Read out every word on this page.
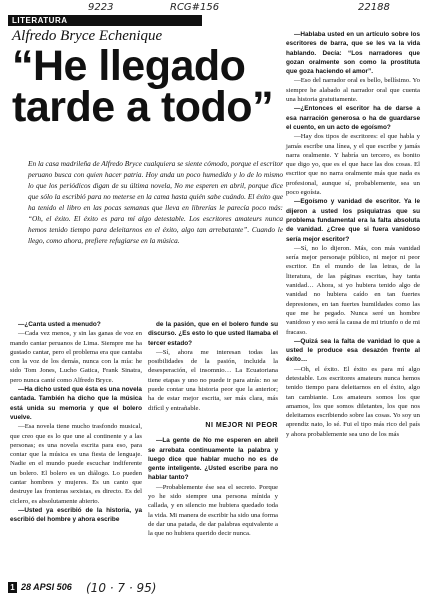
9223	RCG#156	22188
LITERATURA
Alfredo Bryce Echenique
“He llegado tarde a todo”
En la casa madrileña de Alfredo Bryce cualquiera se siente cómodo, porque el escritor peruano busca con quien hacer patria. Hoy anda un poco humedido y lo de lo mismo lo que los periódicos digan de su última novela, No me esperen en abril, porque dice que sólo la escribió para no meterse en la cama hasta quién sabe cuándo. El éxito que ha tenido el libro en las pocas semanas que lleva en librerías le parecía poco más: “Oh, el éxito. El éxito es para mí algo detestable. Los escritores amateurs nunca hemos tenido tiempo para deleitarnos en el éxito, algo tan arrebatante”. Cuando le llego, como ahora, prefiere refugiarse en la música.

—¿Canta usted a menudo?

—Cada vez menos, y sin las ganas de voz en mando cantar peruanos de Lima. Siempre me ha gustado cantar, pero el problema era que cantaba con la voz de los demás, nunca con la mía: he sido Tom Jones, Lucho Gatica, Frank Sinatra, pero nunca canté como Alfredo Bryce.

—Ha dicho usted que ésta es una novela cantada. También ha dicho que la música está unida su memoria y que el bolero vuelve.

—Esa novela tiene mucho trasfondo musical, que creo que es lo que une al continente y a las personas; es una novela escrita para eso, para contar que la música es una fiesta de lenguaje. Nadie en el mundo puede escuchar indiferente un bolero. El bolero es un diálogo. Lo pueden cantar hombres y mujeres. Es un canto que destruye las fronteras sexistas, es directo. Es del ciclero, es absolutamente abierto.

—Usted ya escribió de la historia, ya escribió del hombre y ahora escribe

de la pasión, que en el bolero funde su discurso. ¿Es esto lo que usted llamaba el tercer estado?

—Sí, ahora me interesan todas las posibilidades de la pasión, incluida la desesperación, el insomnio… La Ecuatoriana tiene etapas y uno no puede ir para atrás: no se puede contar una historia peor que la anterior; ha de estar mejor escrita, ser más clara, más difícil y entrañable.

NI MEJOR NI PEOR

—La gente de No me esperen en abril se arrebata continuamente la palabra y luego dice que hablar mucho no es de gente inteligente. ¿Usted escribe para no hablar tanto?

—Probablemente ése sea el secreto. Porque yo he sido siempre una persona mínida y callada, y en silencio me hubiera quedado toda la vida. Mi manera de escribir ha sido una forma de dar una patada, de dar palabras equivalente a la que no hubiera querido decir nunca.

—Hablaba usted en un artículo sobre los escritores de barra, que se les va la vida hablando. Decía: “Los narradores que gozan oralmente son como la prostituta que goza haciendo el amor”.

—Eso del narrador oral es bello, bellísimo. Yo siempre he alabado al narrador oral que cuenta una historia gratuitamente.

—¿Entonces el escritor ha de darse a esa narración generosa o ha de guardarse el cuento, en un acto de egoísmo?

—Hay dos tipos de escritores: el que habla y jamás escribe una línea, y el que escribe y jamás narra oralmente. Y habría un tercero, es bonito que digo yo, que es el que hace las dos cosas. El escritor que no narra oralmente más que nada es profesional, aunque sí, probablemente, sea un poco egoísta.

—Egoísmo y vanidad de escritor. Ya le dijeron a usted los psiquiatras que su problema fundamental era la falta absoluta de vanidad. ¿Cree que si fuera vanidoso sería mejor escritor?

—Sí, no lo dijeron. Más, con más vanidad sería mejor personaje público, ni mejor ni peor escritor. En el mundo de las letras, de la literatura, de las páginas escritas, hay tanta vanidad… Ahora, si yo hubiera tenido algo de vanidad no hubiera caído en tan fuertes depresiones, en tan fuertes humildades como las que me he pegado. Nunca seré un hombre vanidoso y eso será la causa de mi triunfo o de mi fracaso.

—Quizá sea la falta de vanidad lo que a usted le produce esa desazón frente al éxito…

—Oh, el éxito. El éxito es para mí algo detestable. Los escritores amateurs nunca hemos tenido tiempo para deleitarnos en el éxito, algo tan cambiante. Los amateurs somos los que amamos, los que somos diletantes, los que nos deleitamos escribiendo sobre las cosas. Yo soy un aprendiz nato, lo sé. Fui el tipo más rico del país y ahora probablemente sea uno de los más

1 28 APSI 506 (10 · 7 · 95)
